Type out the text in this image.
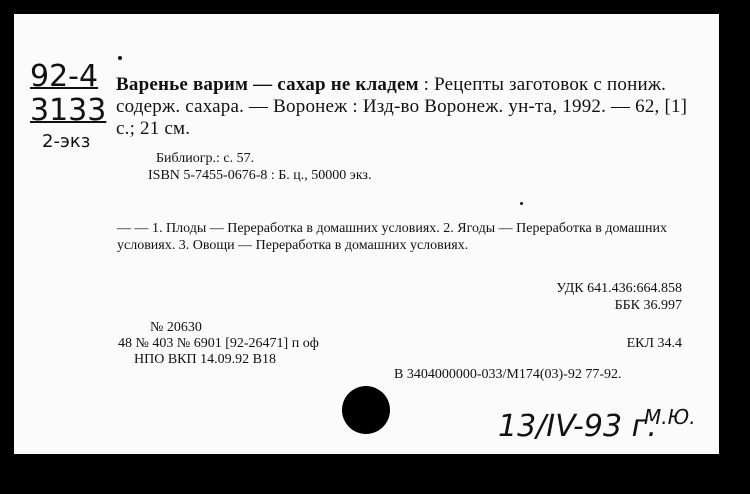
92-4
3133
2-экз
Варенье варим — сахар не кладем : Рецепты заготовок с пониж. содерж. сахара. — Воронеж : Изд-во Воронеж. ун-та, 1992. — 62, [1] с.; 21 см.
Библиогр.: с. 57.
ISBN 5-7455-0676-8 : Б. ц., 50000 экз.
— — 1. Плоды — Переработка в домашних условиях. 2. Ягоды — Переработка в домашних условиях. 3. Овощи — Переработка в домашних условиях.
УДК 641.436:664.858
ББК 36.997
№ 20630
48 № 403 № 6901 [92-26471] п оф	ЕКЛ 34.4
НПО ВКП 14.09.92 В18
В 3404000000-033/М174(03)-92 77-92.
13/IV-93 г.
М.Ю.
